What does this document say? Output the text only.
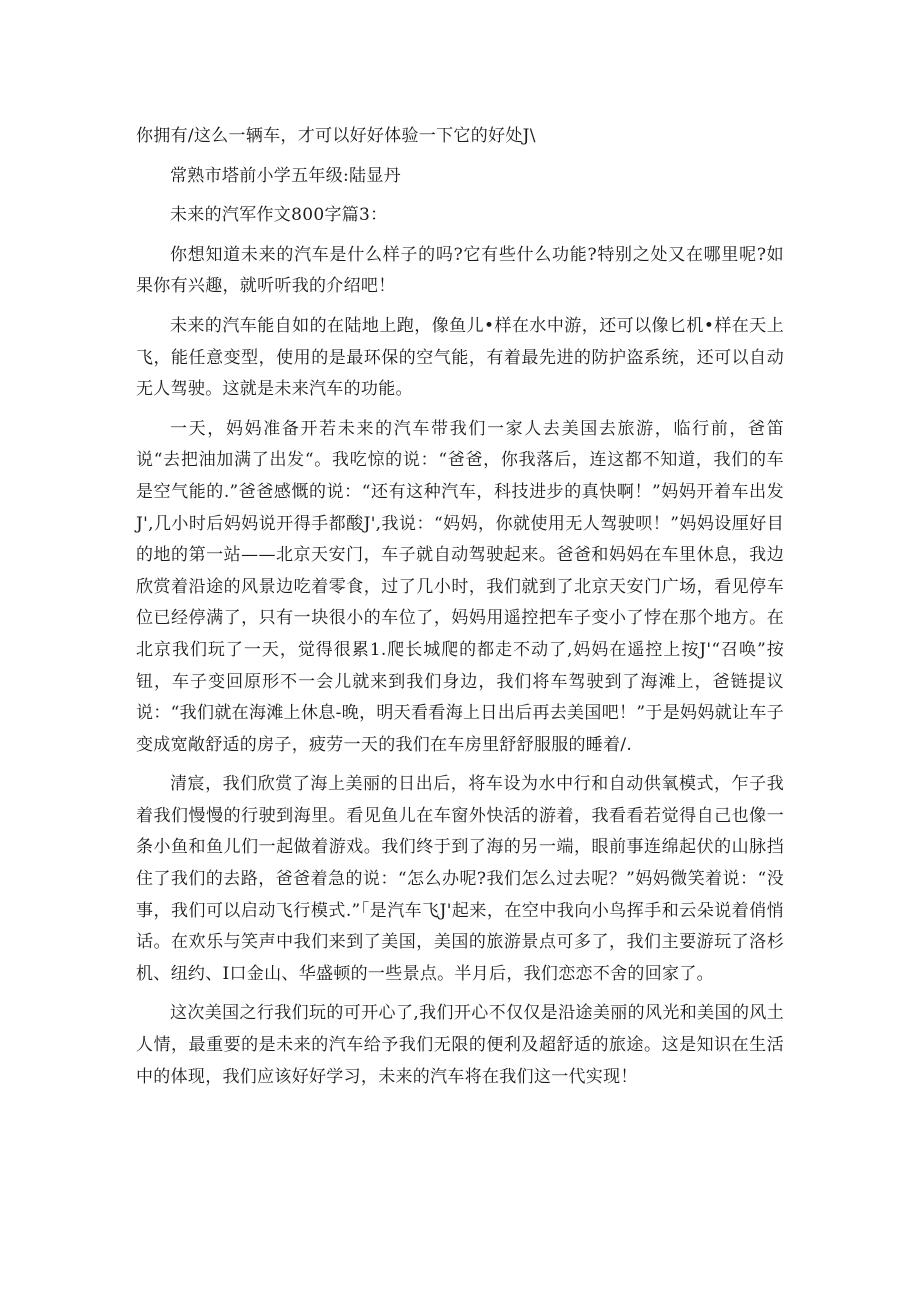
你拥有/这么一辆车，才可以好好体验一下它的好处J\

常熟市塔前小学五年级:陆显丹

未来的汽军作文800字篇3：

你想知道未来的汽车是什么样子的吗?它有些什么功能?特别之处又在哪里呢?如果你有兴趣，就听听我的介绍吧！

未来的汽车能自如的在陆地上跑，像鱼儿•样在水中游，还可以像匕机•样在天上飞，能任意变型，使用的是最环保的空气能，有着最先进的防护盗系统，还可以自动无人驾驶。这就是未来汽车的功能。

一天，妈妈准备开若未来的汽车带我们一家人去美国去旅游，临行前，爸笛说“去把油加满了出发“。我吃惊的说：“爸爸，你我落后，连这都不知道，我们的车是空气能的.”爸爸感慨的说：“还有这种汽车，科技进步的真快啊！”妈妈开着车出发J',几小时后妈妈说开得手都酸J',我说：“妈妈，你就使用无人驾驶呗！”妈妈设厘好目的地的第一站——北京天安门，车子就自动驾驶起来。爸爸和妈妈在车里休息，我边欣赏着沿途的风景边吃着零食，过了几小时，我们就到了北京天安门广场，看见停车位已经停满了，只有一块很小的车位了，妈妈用遥控把车子变小了悖在那个地方。在北京我们玩了一天，觉得很累1.爬长城爬的都走不动了,妈妈在遥控上按J'“召唤”按钮，车子变回原形不一会儿就来到我们身边，我们将车驾驶到了海滩上，爸链提议说：“我们就在海滩上休息-晚，明天看看海上日出后再去美国吧！”于是妈妈就让车子变成宽敞舒适的房子，疲劳一天的我们在车房里舒舒服服的睡着/.

清宸，我们欣赏了海上美丽的日出后，将车设为水中行和自动供氧模式，乍子我着我们慢慢的行驶到海里。看见鱼儿在车窗外快活的游着，我看看若觉得自己也像一条小鱼和鱼儿们一起做着游戏。我们终于到了海的另一端，眼前事连绵起伏的山脉挡住了我们的去路，爸爸着急的说：“怎么办呢?我们怎么过去呢？”妈妈微笑着说：“没事，我们可以启动飞行模式.”「是汽车飞J'起来，在空中我向小鸟挥手和云朵说着俏悄话。在欢乐与笑声中我们来到了美国，美国的旅游景点可多了，我们主要游玩了洛杉机、纽约、I口金山、华盛顿的一些景点。半月后，我们恋恋不舍的回家了。

这次美国之行我们玩的可开心了,我们开心不仅仅是沿途美丽的风光和美国的风土人情，最重要的是未来的汽车给予我们无限的便利及超舒适的旅途。这是知识在生活中的体现，我们应该好好学习，未来的汽车将在我们这一代实现！
